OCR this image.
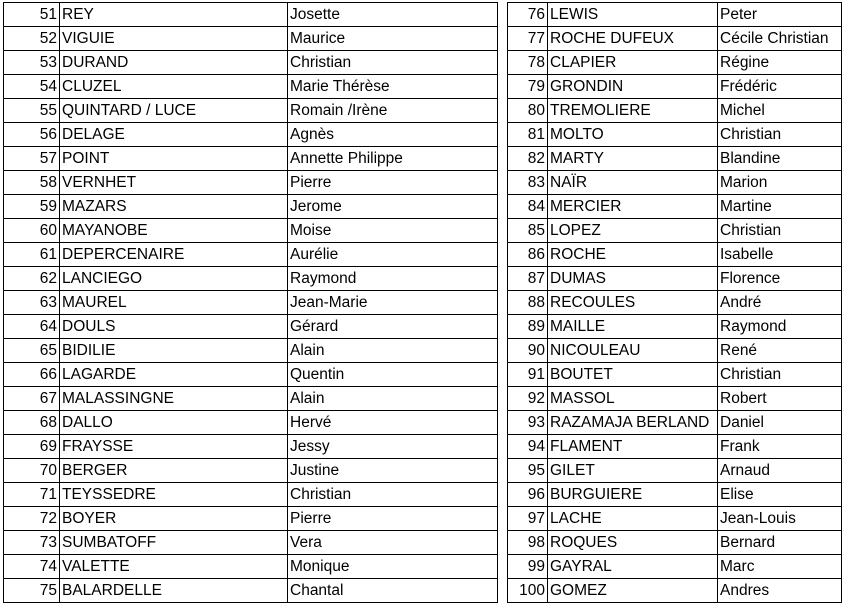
51	REY	Josette
52	VIGUIE	Maurice
53	DURAND	Christian
54	CLUZEL	Marie Thérèse
55	QUINTARD / LUCE	Romain /Irène
56	DELAGE	Agnès
57	POINT	Annette Philippe
58	VERNHET	Pierre
59	MAZARS	Jerome
60	MAYANOBE	Moise
61	DEPERCENAIRE	Aurélie
62	LANCIEGO	Raymond
63	MAUREL	Jean-Marie
64	DOULS	Gérard
65	BIDILIE	Alain
66	LAGARDE	Quentin
67	MALASSINGNE	Alain
68	DALLO	Hervé
69	FRAYSSE	Jessy
70	BERGER	Justine
71	TEYSSEDRE	Christian
72	BOYER	Pierre
73	SUMBATOFF	Vera
74	VALETTE	Monique
75	BALARDELLE	Chantal
76	LEWIS	Peter
77	ROCHE DUFEUX	Cécile Christian
78	CLAPIER	Régine
79	GRONDIN	Frédéric
80	TREMOLIERE	Michel
81	MOLTO	Christian
82	MARTY	Blandine
83	NAÏR	Marion
84	MERCIER	Martine
85	LOPEZ	Christian
86	ROCHE	Isabelle
87	DUMAS	Florence
88	RECOULES	André
89	MAILLE	Raymond
90	NICOULEAU	René
91	BOUTET	Christian
92	MASSOL	Robert
93	RAZAMAJA BERLAND	Daniel
94	FLAMENT	Frank
95	GILET	Arnaud
96	BURGUIERE	Elise
97	LACHE	Jean-Louis
98	ROQUES	Bernard
99	GAYRAL	Marc
100	GOMEZ	Andres
